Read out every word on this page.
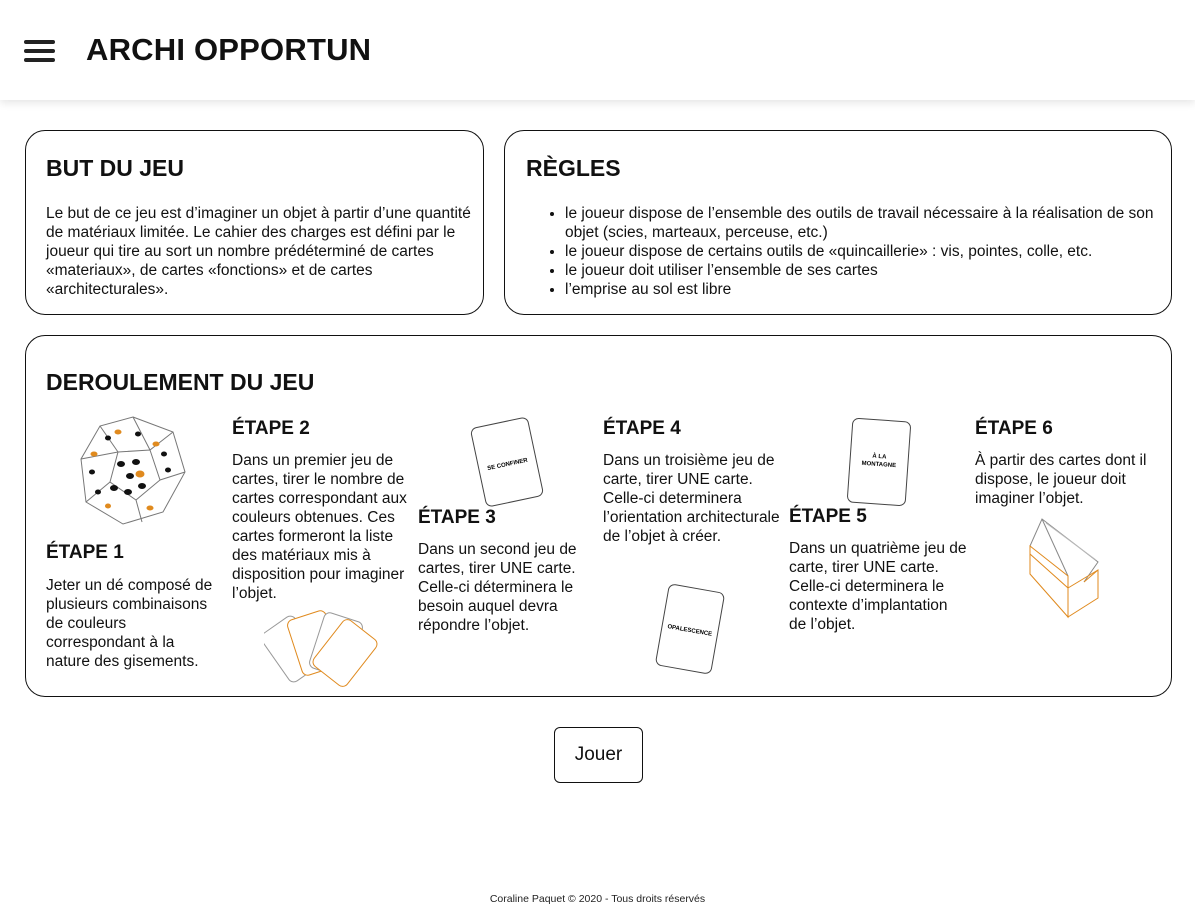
ARCHI OPPORTUN
BUT DU JEU
Le but de ce jeu est d’imaginer un objet à partir d’une quantité de matériaux limitée. Le cahier des charges est défini par le joueur qui tire au sort un nombre prédéterminé de cartes «materiaux», de cartes «fonctions» et de cartes «architecturales».
RÈGLES
• le joueur dispose de l’ensemble des outils de travail nécessaire à la réalisation de son objet (scies, marteaux, perceuse, etc.)
• le joueur dispose de certains outils de «quincaillerie» : vis, pointes, colle, etc.
• le joueur doit utiliser l’ensemble de ses cartes
• l’emprise au sol est libre
DEROULEMENT DU JEU
ÉTAPE 1
Jeter un dé composé de plusieurs combinaisons de couleurs correspondant à la nature des gisements.
ÉTAPE 2
Dans un premier jeu de cartes, tirer le nombre de cartes correspondant aux couleurs obtenues. Ces cartes formeront la liste des matériaux mis à disposition pour imaginer l’objet.
SE CONFINER
ÉTAPE 3
Dans un second jeu de cartes, tirer UNE carte. Celle-ci déterminera le besoin auquel devra répondre l’objet.
ÉTAPE 4
Dans un troisième jeu de carte, tirer UNE carte. Celle-ci determinera l’orientation architecturale de l’objet à créer.
OPALESCENCE
À LA
MONTAGNE
ÉTAPE 5
Dans un quatrième jeu de carte, tirer UNE carte. Celle-ci determinera le contexte d’implantation de l’objet.
ÉTAPE 6
À partir des cartes dont il dispose, le joueur doit imaginer l’objet.
Jouer
Coraline Paquet © 2020 - Tous droits réservés
